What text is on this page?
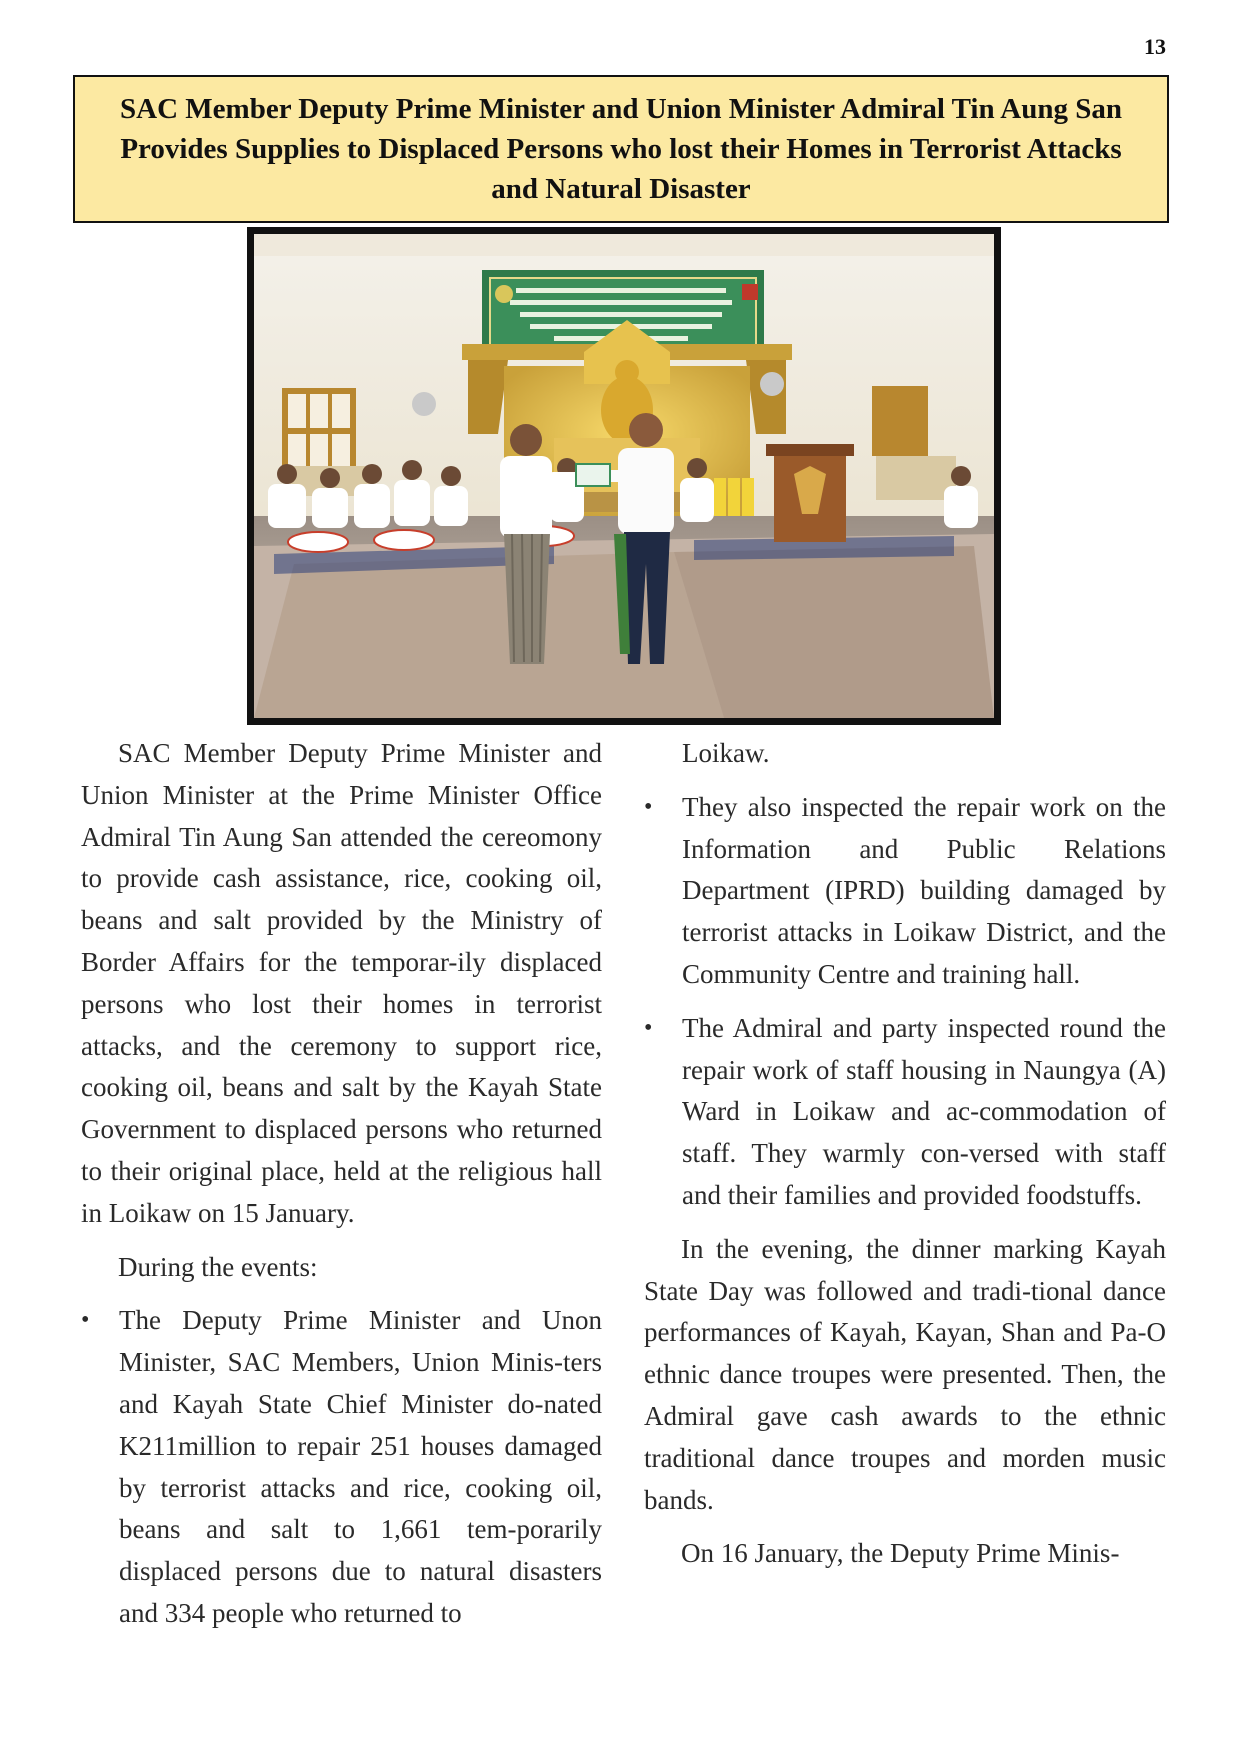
13
SAC Member Deputy Prime Minister and Union Minister Admiral Tin Aung San Provides Supplies to Displaced Persons who lost their Homes in Terrorist Attacks and Natural Disaster

SAC Member Deputy Prime Minister and Union Minister at the Prime Minister Office Admiral Tin Aung San attended the cereomony to provide cash assistance, rice, cooking oil, beans and salt provided by the Ministry of Border Affairs for the temporar-ily displaced persons who lost their homes in terrorist attacks, and the ceremony to support rice, cooking oil, beans and salt by the Kayah State Government to displaced persons who returned to their original place, held at the religious hall in Loikaw on 15 January.

During the events:

• The Deputy Prime Minister and Unon Minister, SAC Members, Union Minis-ters and Kayah State Chief Minister do-nated K211million to repair 251 houses damaged by terrorist attacks and rice, cooking oil, beans and salt to 1,661 tem-porarily displaced persons due to natural disasters and 334 people who returned to
Loikaw.
• They also inspected the repair work on the Information and Public Relations Department (IPRD) building damaged by terrorist attacks in Loikaw District, and the Community Centre and training hall.
• The Admiral and party inspected round the repair work of staff housing in Naungya (A) Ward in Loikaw and ac-commodation of staff. They warmly con-versed with staff and their families and provided foodstuffs.

In the evening, the dinner marking Kayah State Day was followed and tradi-tional dance performances of Kayah, Kayan, Shan and Pa-O ethnic dance troupes were presented. Then, the Admiral gave cash awards to the ethnic traditional dance troupes and morden music bands.

On 16 January, the Deputy Prime Minis-
